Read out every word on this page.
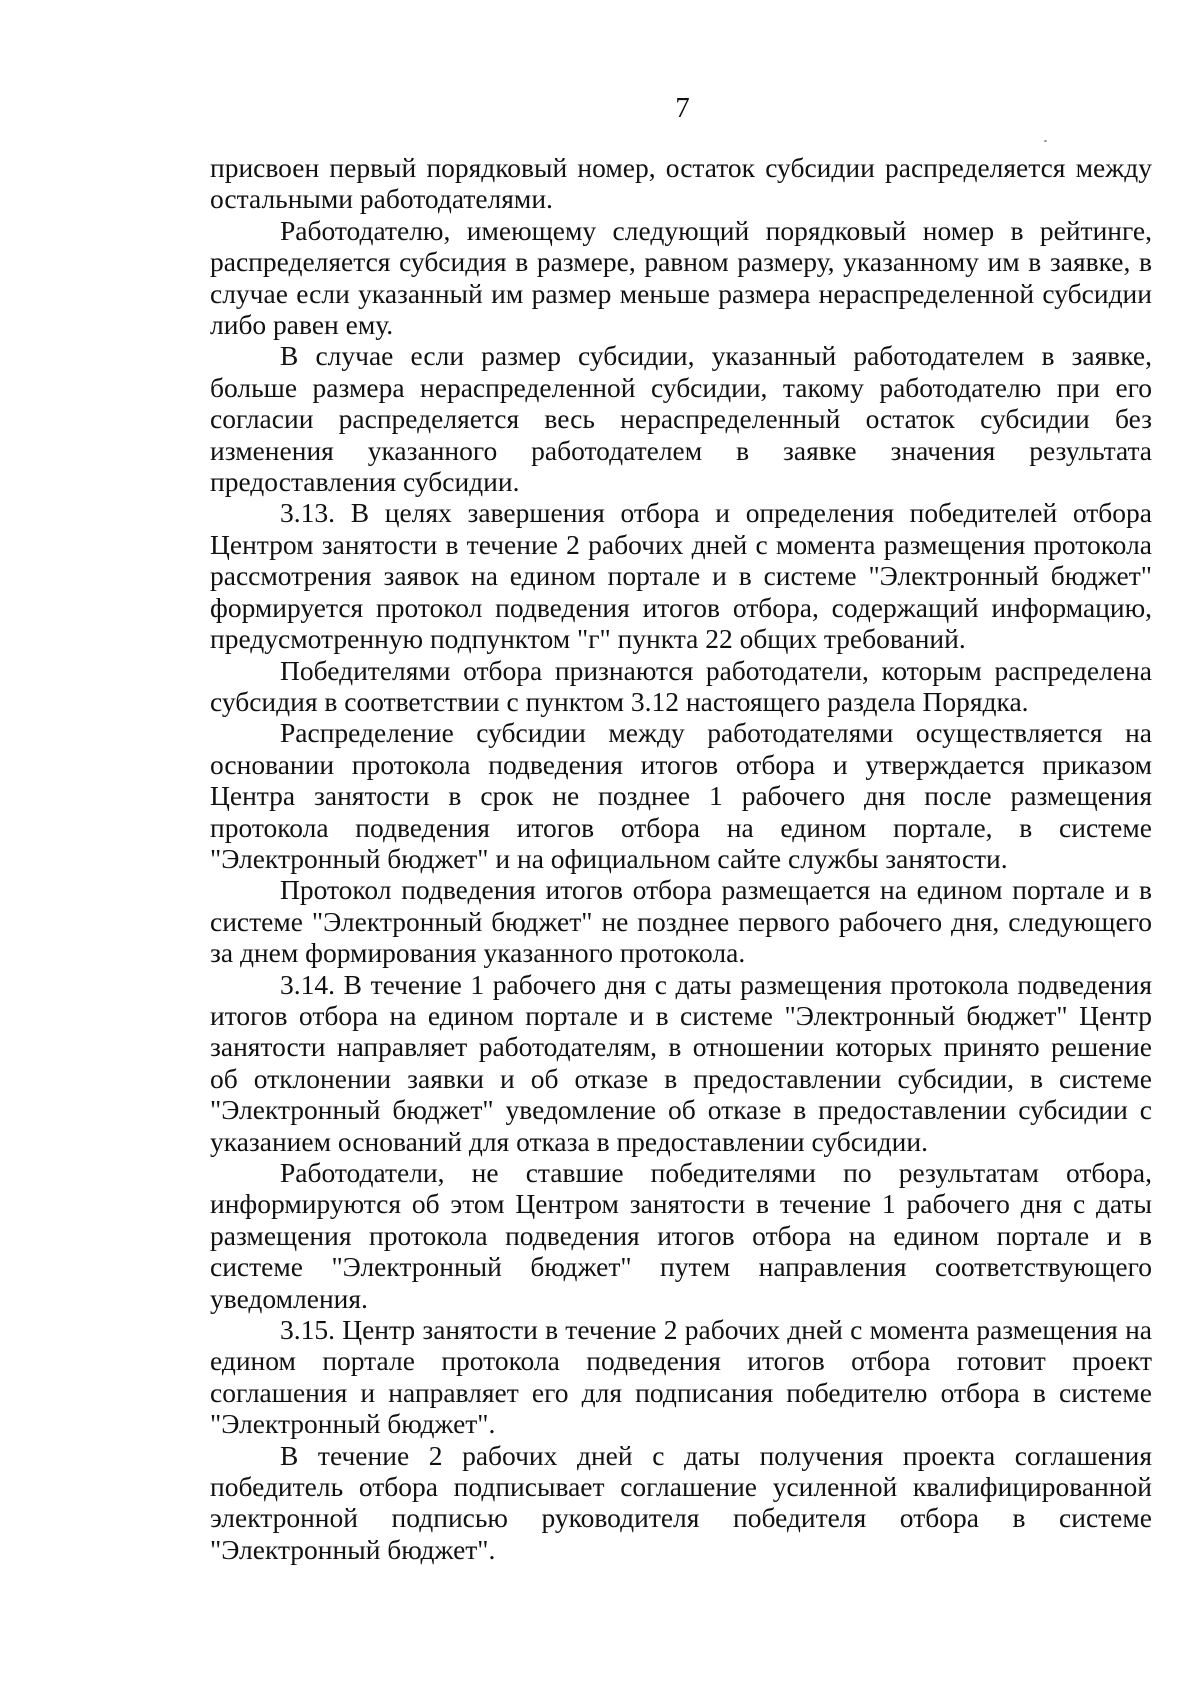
7

присвоен первый порядковый номер, остаток субсидии распределяется между остальными работодателями.

Работодателю, имеющему следующий порядковый номер в рейтинге, распределяется субсидия в размере, равном размеру, указанному им в заявке, в случае если указанный им размер меньше размера нераспределенной субсидии либо равен ему.

В случае если размер субсидии, указанный работодателем в заявке, больше размера нераспределенной субсидии, такому работодателю при его согласии распределяется весь нераспределенный остаток субсидии без изменения указанного работодателем в заявке значения результата предоставления субсидии.

3.13. В целях завершения отбора и определения победителей отбора Центром занятости в течение 2 рабочих дней с момента размещения протокола рассмотрения заявок на едином портале и в системе "Электронный бюджет" формируется протокол подведения итогов отбора, содержащий информацию, предусмотренную подпунктом "г" пункта 22 общих требований.

Победителями отбора признаются работодатели, которым распределена субсидия в соответствии с пунктом 3.12 настоящего раздела Порядка.

Распределение субсидии между работодателями осуществляется на основании протокола подведения итогов отбора и утверждается приказом Центра занятости в срок не позднее 1 рабочего дня после размещения протокола подведения итогов отбора на едином портале, в системе "Электронный бюджет" и на официальном сайте службы занятости.

Протокол подведения итогов отбора размещается на едином портале и в системе "Электронный бюджет" не позднее первого рабочего дня, следующего за днем формирования указанного протокола.

3.14. В течение 1 рабочего дня с даты размещения протокола подведения итогов отбора на едином портале и в системе "Электронный бюджет" Центр занятости направляет работодателям, в отношении которых принято решение об отклонении заявки и об отказе в предоставлении субсидии, в системе "Электронный бюджет" уведомление об отказе в предоставлении субсидии с указанием оснований для отказа в предоставлении субсидии.

Работодатели, не ставшие победителями по результатам отбора, информируются об этом Центром занятости в течение 1 рабочего дня с даты размещения протокола подведения итогов отбора на едином портале и в системе "Электронный бюджет" путем направления соответствующего уведомления.

3.15. Центр занятости в течение 2 рабочих дней с момента размещения на едином портале протокола подведения итогов отбора готовит проект соглашения и направляет его для подписания победителю отбора в системе "Электронный бюджет".

В течение 2 рабочих дней с даты получения проекта соглашения победитель отбора подписывает соглашение усиленной квалифицированной электронной подписью руководителя победителя отбора в системе "Электронный бюджет".
